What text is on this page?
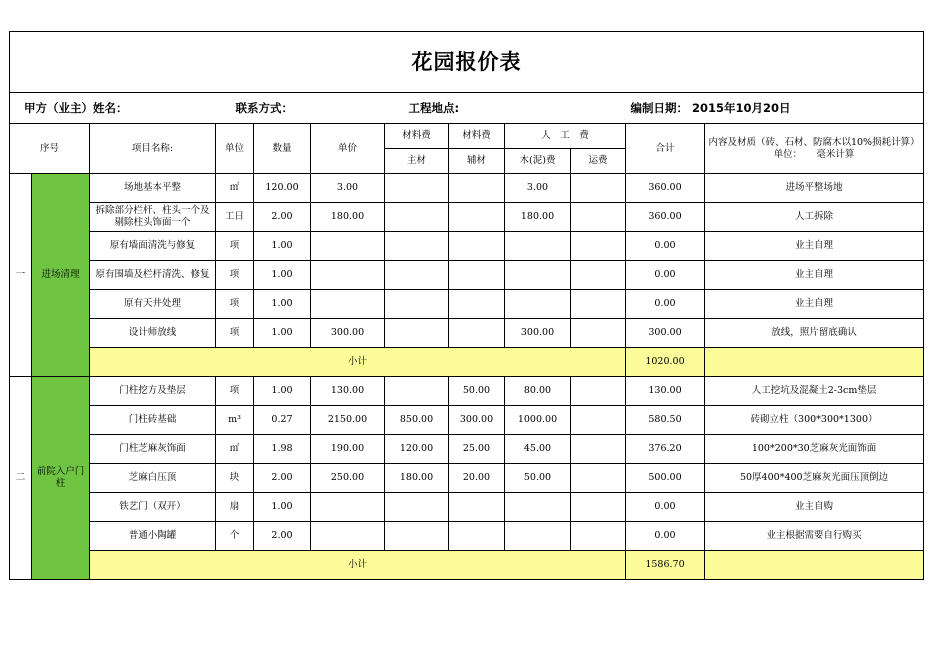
花园报价表											
甲方（业主）姓名：			联系方式：			工程地点:			编制日期： 2015年10月20日		
序号		项目名称:	单位	数量	单价	材料费	材料费	人　工　费		合计	内容及材质（砖、石材、防腐木以10%损耗计算）单位：　　毫米计算
						主材	辅材	木(泥)费	运费		
一	进场清理	场地基本平整	㎡	120.00	3.00			3.00		360.00	进场平整场地
		拆除部分栏杆、柱头一个及剔除柱头饰面一个	工日	2.00	180.00			180.00		360.00	人工拆除
		原有墙面清洗与修复	项	1.00						0.00	业主自理
		原有围墙及栏杆清洗、修复	项	1.00						0.00	业主自理
		原有天井处理	项	1.00						0.00	业主自理
		设计师放线	项	1.00	300.00			300.00		300.00	放线，照片留底确认
		小计								1020.00	
二	前院入户门柱	门柱挖方及垫层	项	1.00	130.00		50.00	80.00		130.00	人工挖坑及混凝土2-3cm垫层
		门柱砖基础	m³	0.27	2150.00	850.00	300.00	1000.00		580.50	砖砌立柱（300*300*1300）
		门柱芝麻灰饰面	㎡	1.98	190.00	120.00	25.00	45.00		376.20	100*200*30芝麻灰光面饰面
		芝麻白压顶	块	2.00	250.00	180.00	20.00	50.00		500.00	50厚400*400芝麻灰光面压顶倒边
		铁艺门（双开）	扇	1.00						0.00	业主自购
		普通小陶罐	个	2.00						0.00	业主根据需要自行购买
		小计								1586.70	
